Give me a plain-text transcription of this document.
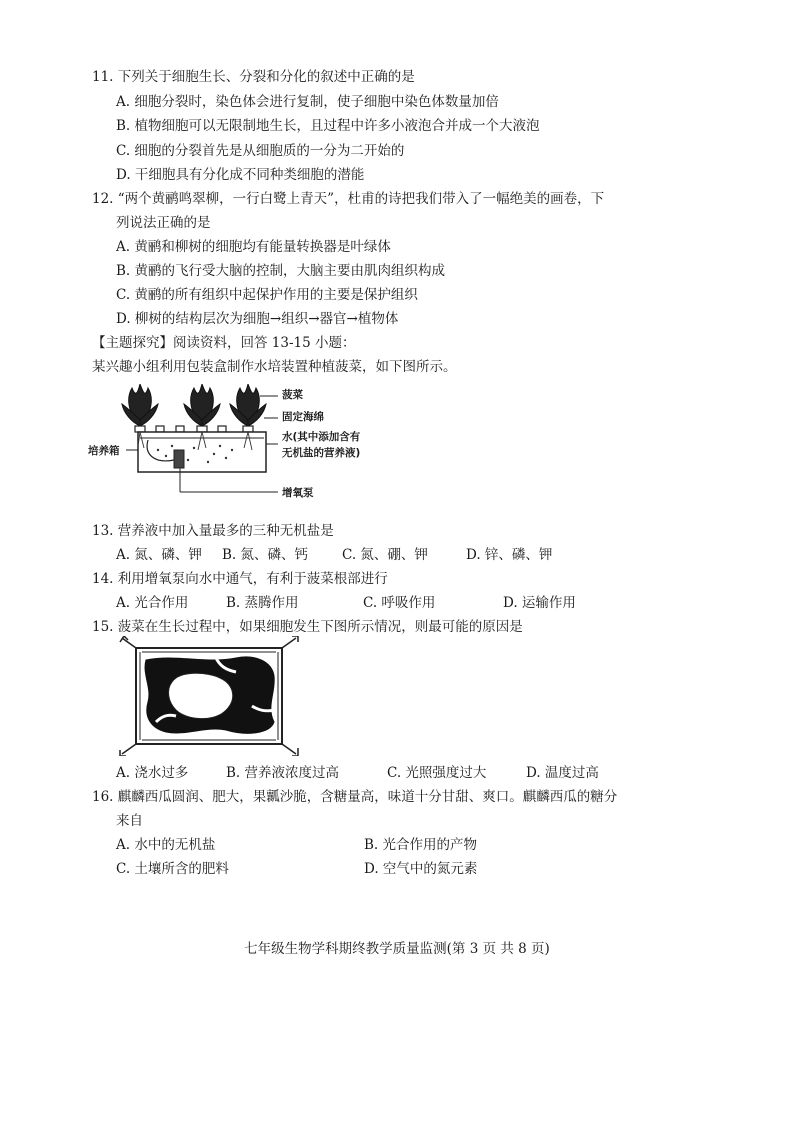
11. 下列关于细胞生长、分裂和分化的叙述中正确的是
A. 细胞分裂时，染色体会进行复制，使子细胞中染色体数量加倍
B. 植物细胞可以无限制地生长，且过程中许多小液泡合并成一个大液泡
C. 细胞的分裂首先是从细胞质的一分为二开始的
D. 干细胞具有分化成不同种类细胞的潜能
12. “两个黄鹂鸣翠柳，一行白鹭上青天”，杜甫的诗把我们带入了一幅绝美的画卷，下
列说法正确的是
A. 黄鹂和柳树的细胞均有能量转换器是叶绿体
B. 黄鹂的飞行受大脑的控制，大脑主要由肌肉组织构成
C. 黄鹂的所有组织中起保护作用的主要是保护组织
D. 柳树的结构层次为细胞→组织→器官→植物体
【主题探究】阅读资料，回答 13-15 小题：
某兴趣小组利用包装盒制作水培装置种植菠菜，如下图所示。
菠菜
固定海绵
水(其中添加含有
无机盐的营养液)
培养箱
增氧泵
13. 营养液中加入量最多的三种无机盐是
A. 氮、磷、钾 B. 氮、磷、钙	C. 氮、硼、钾	D. 锌、磷、钾
14. 利用增氧泵向水中通气，有利于菠菜根部进行
A. 光合作用	B. 蒸腾作用	C. 呼吸作用	D. 运输作用
15. 菠菜在生长过程中，如果细胞发生下图所示情况，则最可能的原因是
A. 浇水过多	B. 营养液浓度过高	C. 光照强度过大	D. 温度过高
16. 麒麟西瓜圆润、肥大，果瓤沙脆，含糖量高，味道十分甘甜、爽口。麒麟西瓜的糖分
来自
A. 水中的无机盐	B. 光合作用的产物
C. 土壤所含的肥料	D. 空气中的氮元素
七年级生物学科期终教学质量监测(第 3 页 共 8 页)
